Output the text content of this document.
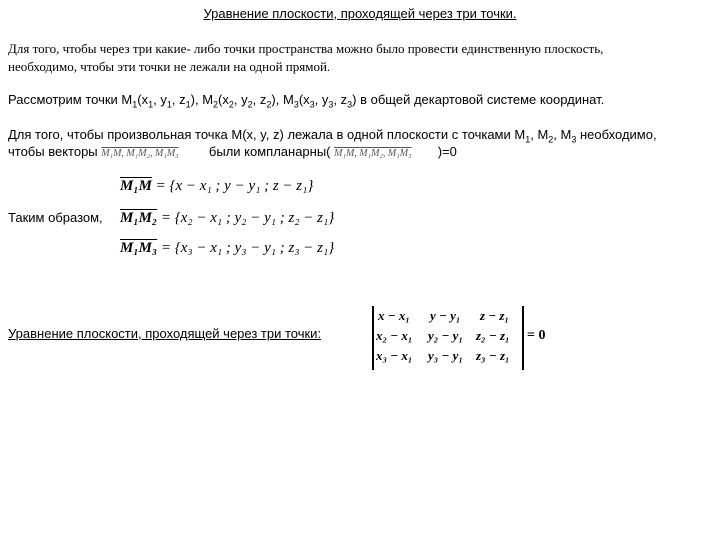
Уравнение плоскости, проходящей через три точки.
Для того, чтобы через три какие- либо точки пространства можно было провести единственную плоскость,
необходимо, чтобы эти точки не лежали на одной прямой.
Рассмотрим точки $M_1(x_1$, $y_1$, $z_1$), $M_2(x_2$, $y_2$, $z_2$), $M_3(x_3$, $y_3$, $z_3$) в общей декартовой системе координат.
Для того, чтобы произвольная точка M(x, y, z) лежала в одной плоскости с точками $M_1$, $M_2$, $M_3$ необходимо,
чтобы векторы M₁M, M₁M₂, M₁M₃ были компланарны( M₁M, M₁M₂, M₁M₃ )=0
M₁M = {x − x₁ ; y − y₁ ; z − z₁}
Таким образом, M₁M₂ = {x₂ − x₁ ; y₂ − y₁ ; z₂ − z₁}
M₁M₃ = {x₃ − x₁ ; y₃ − y₁ ; z₃ − z₁}
Уравнение плоскости, проходящей через три точки:
x − x₁ y − y₁ z − z₁
x₂ − x₁ y₂ − y₁ z₂ − z₁
x₃ − x₁ y₃ − y₁ z₃ − z₁
= 0
